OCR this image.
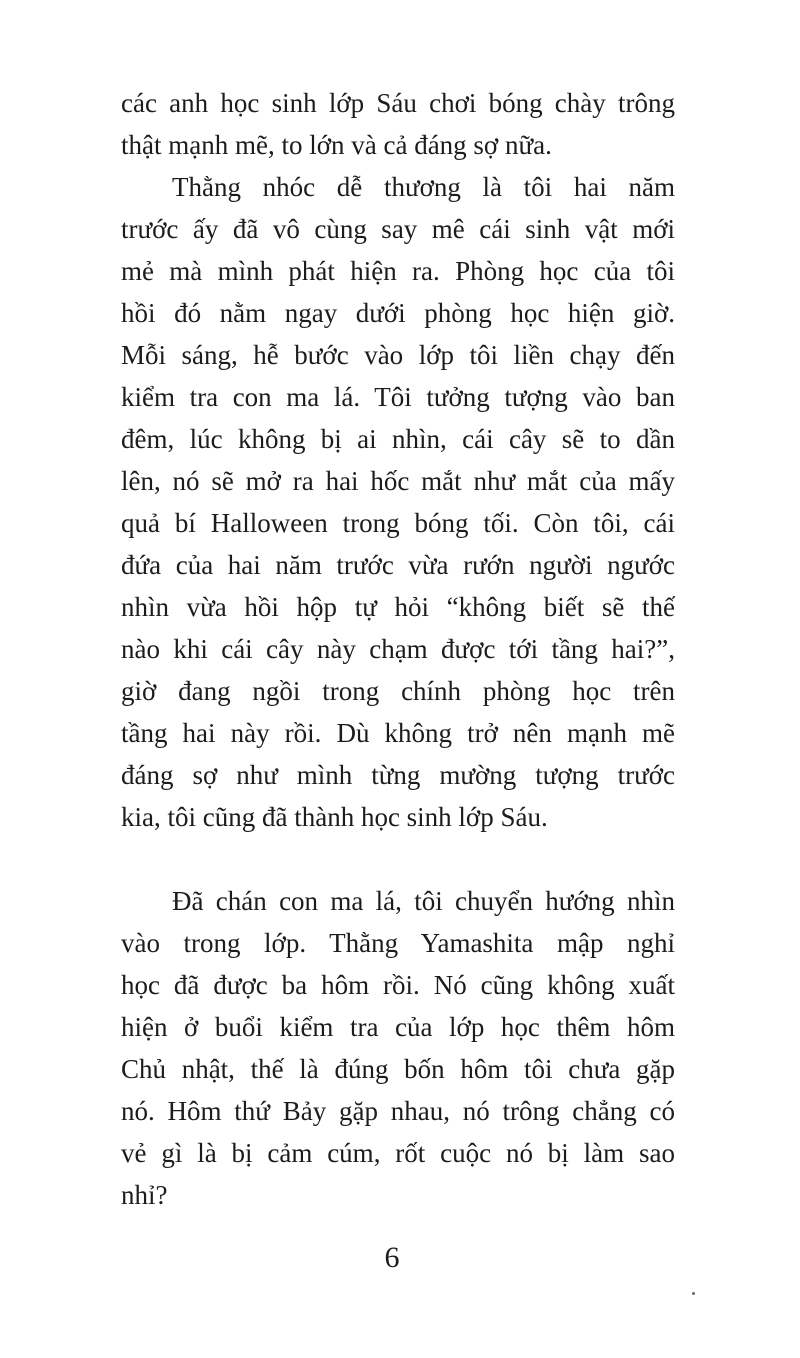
các anh học sinh lớp Sáu chơi bóng chày trông
thật mạnh mẽ, to lớn và cả đáng sợ nữa.
Thằng nhóc dễ thương là tôi hai năm
trước ấy đã vô cùng say mê cái sinh vật mới
mẻ mà mình phát hiện ra. Phòng học của tôi
hồi đó nằm ngay dưới phòng học hiện giờ.
Mỗi sáng, hễ bước vào lớp tôi liền chạy đến
kiểm tra con ma lá. Tôi tưởng tượng vào ban
đêm, lúc không bị ai nhìn, cái cây sẽ to dần
lên, nó sẽ mở ra hai hốc mắt như mắt của mấy
quả bí Halloween trong bóng tối. Còn tôi, cái
đứa của hai năm trước vừa rướn người ngước
nhìn vừa hồi hộp tự hỏi “không biết sẽ thế
nào khi cái cây này chạm được tới tầng hai?”,
giờ đang ngồi trong chính phòng học trên
tầng hai này rồi. Dù không trở nên mạnh mẽ
đáng sợ như mình từng mường tượng trước
kia, tôi cũng đã thành học sinh lớp Sáu.
Đã chán con ma lá, tôi chuyển hướng nhìn
vào trong lớp. Thằng Yamashita mập nghỉ
học đã được ba hôm rồi. Nó cũng không xuất
hiện ở buổi kiểm tra của lớp học thêm hôm
Chủ nhật, thế là đúng bốn hôm tôi chưa gặp
nó. Hôm thứ Bảy gặp nhau, nó trông chẳng có
vẻ gì là bị cảm cúm, rốt cuộc nó bị làm sao
nhỉ?
6
